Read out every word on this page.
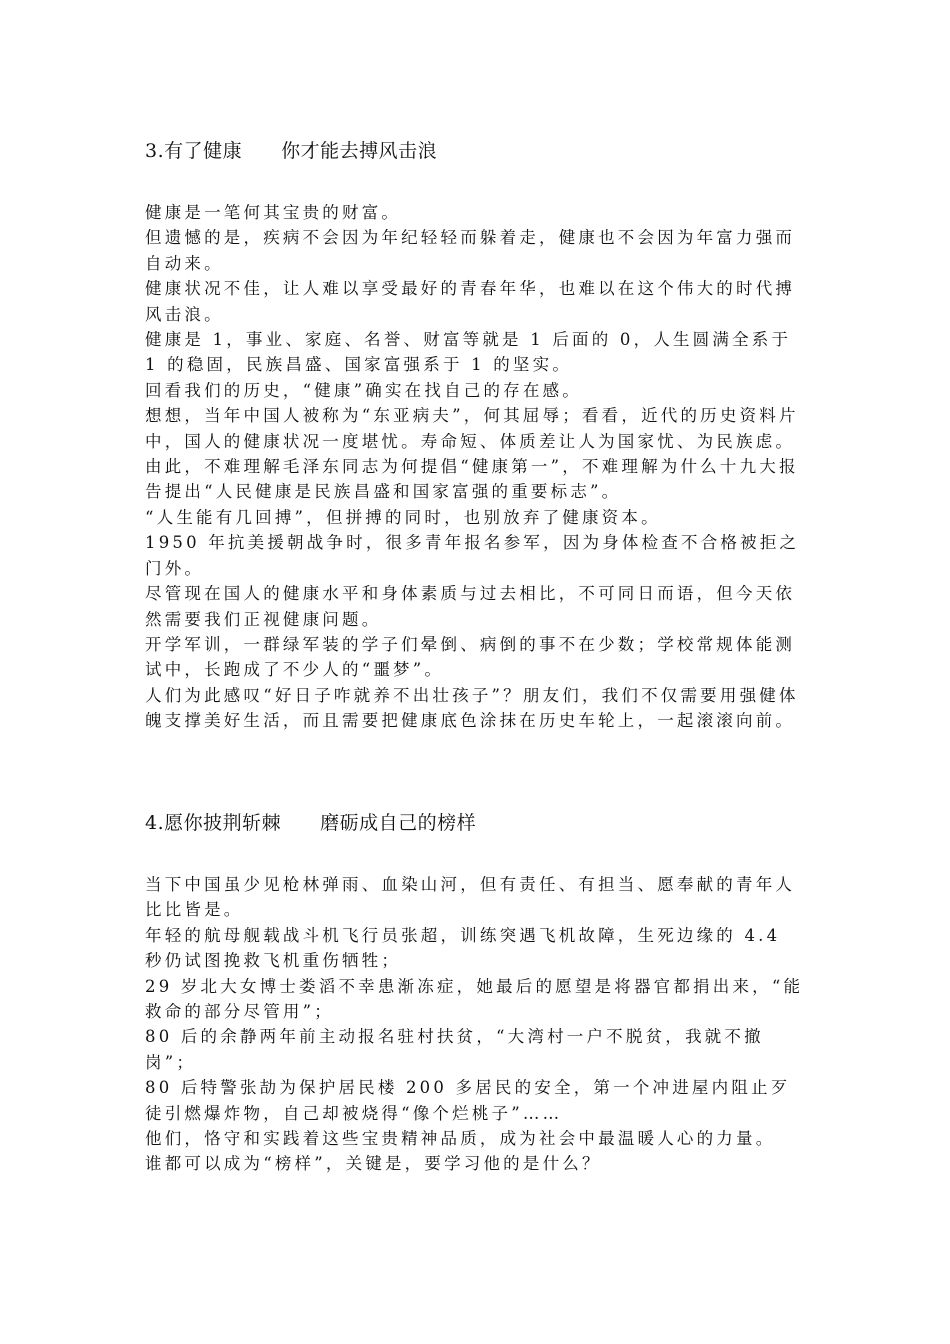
3.有了健康　　你才能去搏风击浪

健康是一笔何其宝贵的财富。

但遗憾的是，疾病不会因为年纪轻轻而躲着走，健康也不会因为年富力强而自动来。

健康状况不佳，让人难以享受最好的青春年华，也难以在这个伟大的时代搏风击浪。

健康是 1，事业、家庭、名誉、财富等就是 1 后面的 0，人生圆满全系于 1 的稳固，民族昌盛、国家富强系于 1 的坚实。

回看我们的历史，“健康”确实在找自己的存在感。

想想，当年中国人被称为“东亚病夫”，何其屈辱；看看，近代的历史资料片中，国人的健康状况一度堪忧。寿命短、体质差让人为国家忧、为民族虑。

由此，不难理解毛泽东同志为何提倡“健康第一”，不难理解为什么十九大报告提出“人民健康是民族昌盛和国家富强的重要标志”。

“人生能有几回搏”，但拼搏的同时，也别放弃了健康资本。

1950 年抗美援朝战争时，很多青年报名参军，因为身体检查不合格被拒之门外。

尽管现在国人的健康水平和身体素质与过去相比，不可同日而语，但今天依然需要我们正视健康问题。

开学军训，一群绿军装的学子们晕倒、病倒的事不在少数；学校常规体能测试中，长跑成了不少人的“噩梦”。

人们为此感叹“好日子咋就养不出壮孩子”？朋友们，我们不仅需要用强健体魄支撑美好生活，而且需要把健康底色涂抹在历史车轮上，一起滚滚向前。

4.愿你披荆斩棘　　磨砺成自己的榜样

当下中国虽少见枪林弹雨、血染山河，但有责任、有担当、愿奉献的青年人比比皆是。

年轻的航母舰载战斗机飞行员张超，训练突遇飞机故障，生死边缘的 4.4 秒仍试图挽救飞机重伤牺牲；

29 岁北大女博士娄滔不幸患渐冻症，她最后的愿望是将器官都捐出来，“能救命的部分尽管用”；

80 后的余静两年前主动报名驻村扶贫，“大湾村一户不脱贫，我就不撤岗”；

80 后特警张劼为保护居民楼 200 多居民的安全，第一个冲进屋内阻止歹徒引燃爆炸物，自己却被烧得“像个烂桃子”……

他们，恪守和实践着这些宝贵精神品质，成为社会中最温暖人心的力量。

谁都可以成为“榜样”，关键是，要学习他的是什么？
